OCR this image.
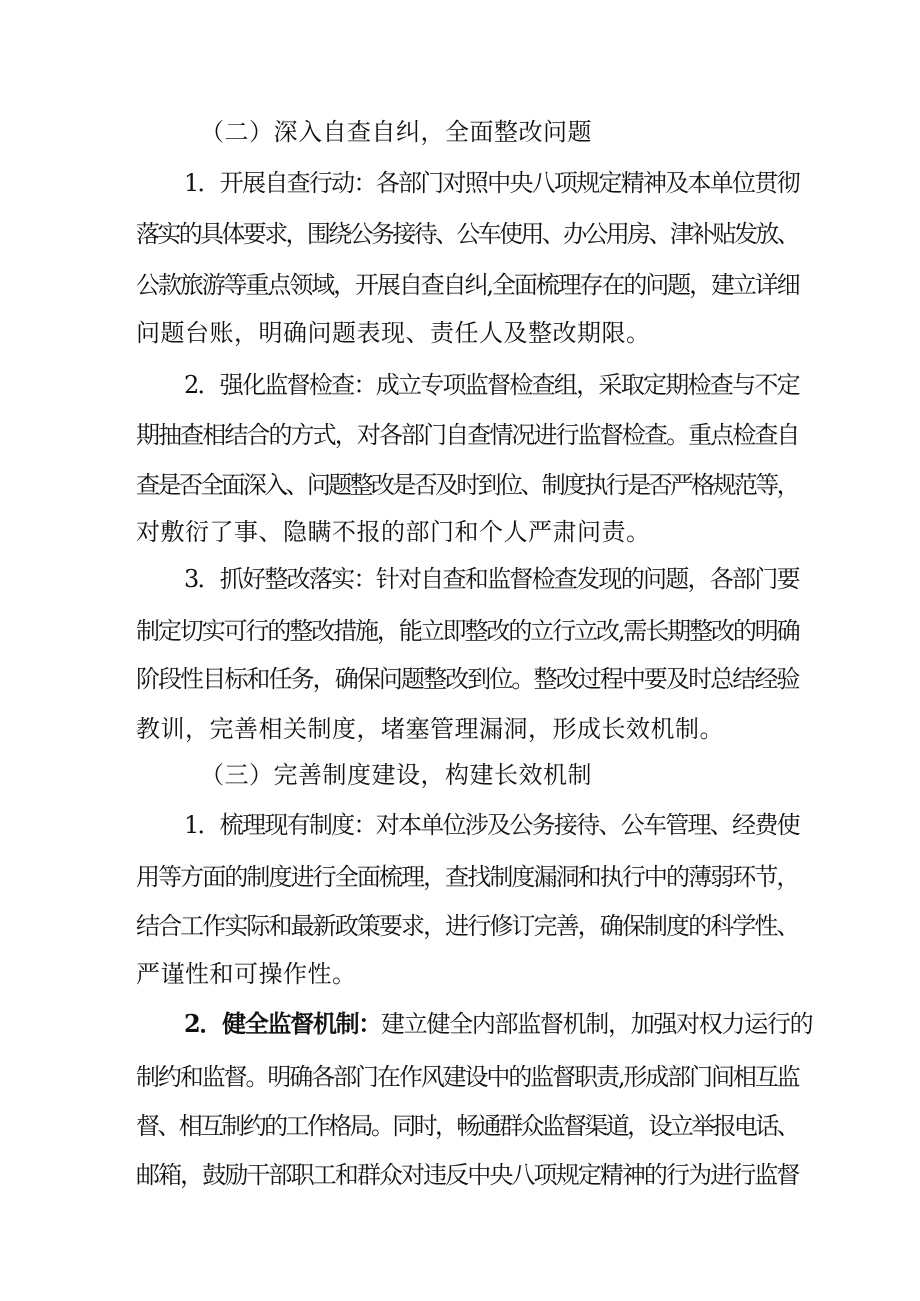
（二）深入自查自纠，全面整改问题
1．开展自查行动：各部门对照中央八项规定精神及本单位贯彻
落实的具体要求，围绕公务接待、公车使用、办公用房、津补贴发放、
公款旅游等重点领域，开展自查自纠,全面梳理存在的问题，建立详细
问题台账，明确问题表现、责任人及整改期限。
2．强化监督检查：成立专项监督检查组，采取定期检查与不定
期抽查相结合的方式，对各部门自查情况进行监督检查。重点检查自
查是否全面深入、问题整改是否及时到位、制度执行是否严格规范等，
对敷衍了事、隐瞒不报的部门和个人严肃问责。
3．抓好整改落实：针对自查和监督检查发现的问题，各部门要
制定切实可行的整改措施，能立即整改的立行立改,需长期整改的明确
阶段性目标和任务，确保问题整改到位。整改过程中要及时总结经验
教训，完善相关制度，堵塞管理漏洞，形成长效机制。
（三）完善制度建设，构建长效机制
1．梳理现有制度：对本单位涉及公务接待、公车管理、经费使
用等方面的制度进行全面梳理，查找制度漏洞和执行中的薄弱环节，
结合工作实际和最新政策要求，进行修订完善，确保制度的科学性、
严谨性和可操作性。
2．健全监督机制：建立健全内部监督机制，加强对权力运行的
制约和监督。明确各部门在作风建设中的监督职责,形成部门间相互监
督、相互制约的工作格局。同时，畅通群众监督渠道，设立举报电话、
邮箱，鼓励干部职工和群众对违反中央八项规定精神的行为进行监督
